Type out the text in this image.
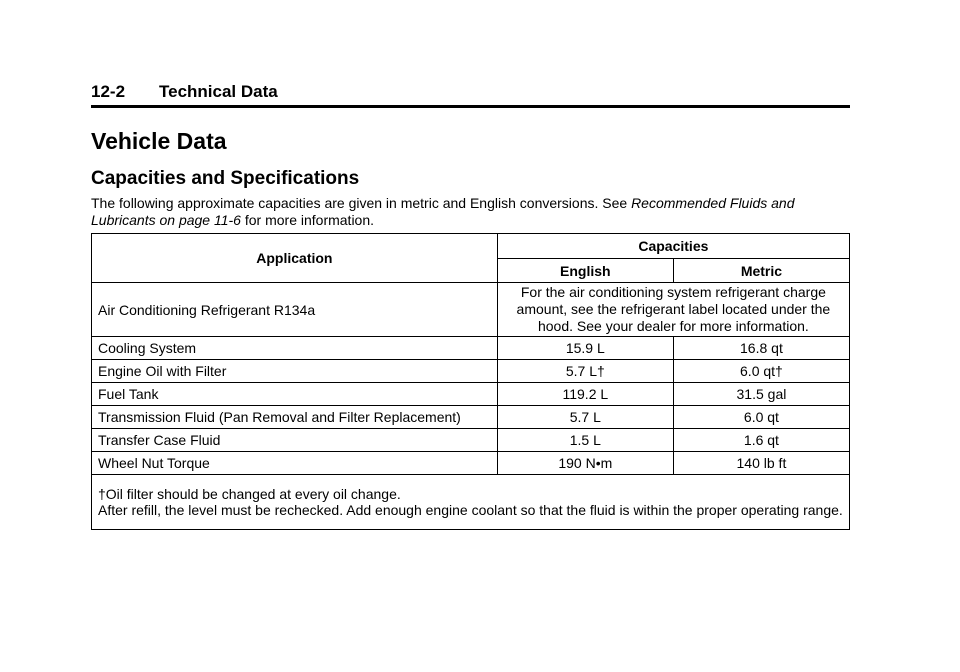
12-2 Technical Data
Vehicle Data
Capacities and Specifications

The following approximate capacities are given in metric and English conversions. See Recommended Fluids and Lubricants on page 11-6 for more information.

Application	Capacities	
	English	Metric
Air Conditioning Refrigerant R134a	For the air conditioning system refrigerant charge amount, see the refrigerant label located under the hood. See your dealer for more information.	
Cooling System	15.9 L	16.8 qt
Engine Oil with Filter	5.7 L†	6.0 qt†
Fuel Tank	119.2 L	31.5 gal
Transmission Fluid (Pan Removal and Filter Replacement)	5.7 L	6.0 qt
Transfer Case Fluid	1.5 L	1.6 qt
Wheel Nut Torque	190 N•m	140 lb ft

†Oil filter should be changed at every oil change.
After refill, the level must be rechecked. Add enough engine coolant so that the fluid is within the proper operating range.		
